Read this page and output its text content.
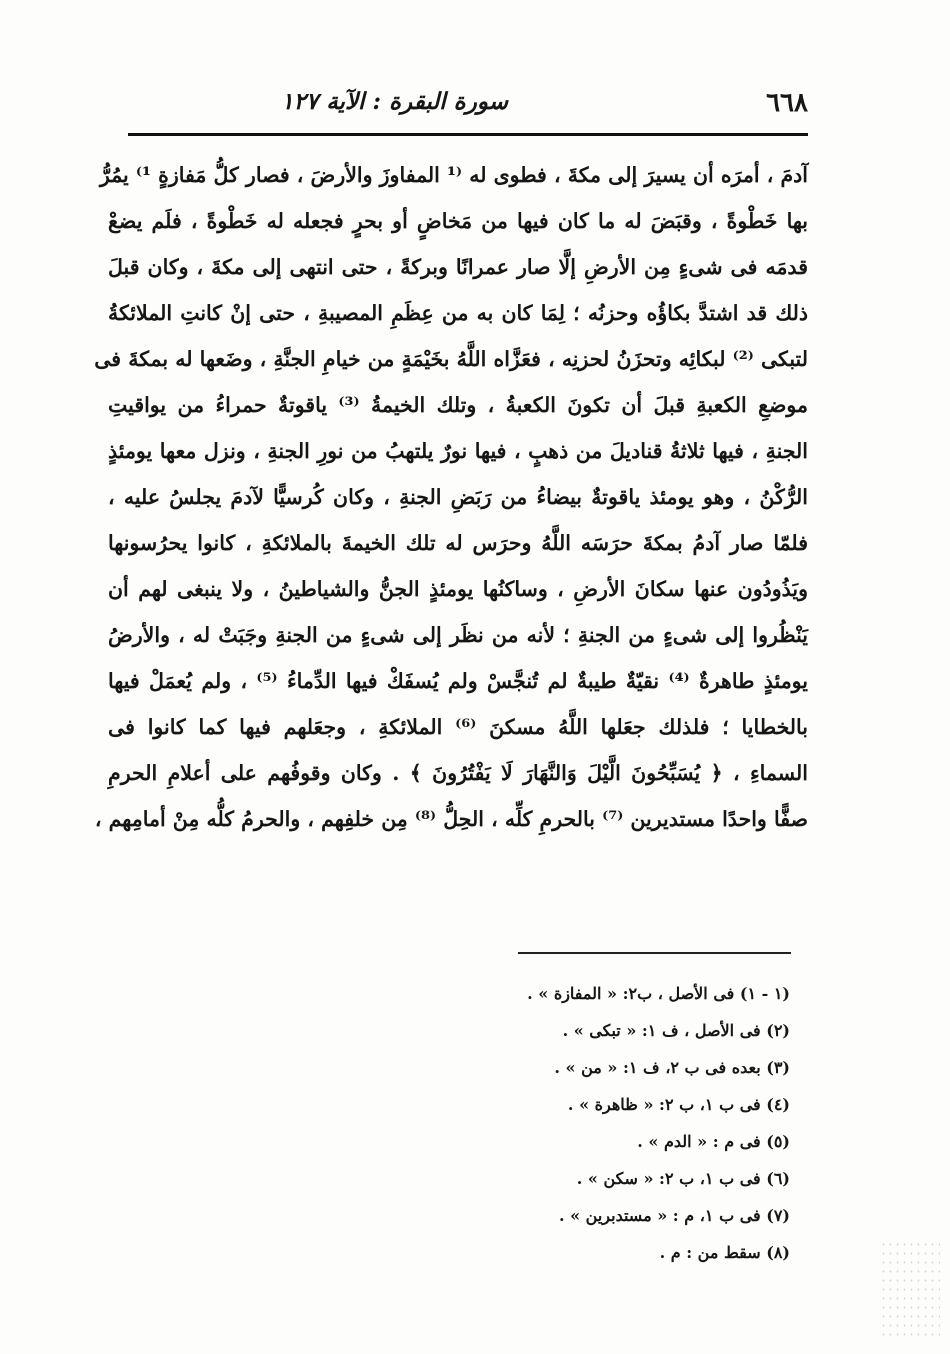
٦٦٨
سورة البقرة : الآية ١٢٧
آدمَ ، أمرَه أن يسيرَ إلى مكةَ ، فطوى له ⁽¹ المفاوزَ والأرضَ ، فصار كلُّ مَفازةٍ ¹⁾ يمُرُّ
بها خَطْوةً ، وقبَضَ له ما كان فيها من مَخاضٍ أو بحرٍ فجعله له خَطْوةً ، فلَم يضعْ
قدمَه فى شىءٍ مِن الأرضِ إلَّا صار عمرانًا وبركةً ، حتى انتهى إلى مكةَ ، وكان قبلَ
ذلك قد اشتدَّ بكاؤُه وحزنُه ؛ لِمَا كان به من عِظَمِ المصيبةِ ، حتى إنْ كانتِ الملائكةُ
لتبكى ⁽²⁾ لبكائِه وتحزَنُ لحزنِه ، فعَزَّاه اللَّهُ بخَيْمَةٍ من خيامِ الجنَّةِ ، وضَعها له بمكةَ فى
موضعِ الكعبةِ قبلَ أن تكونَ الكعبةُ ، وتلك الخيمةُ ⁽³⁾ ياقوتةٌ حمراءُ من يواقيتِ
الجنةِ ، فيها ثلاثةُ قناديلَ من ذهبٍ ، فيها نورٌ يلتهبُ من نورِ الجنةِ ، ونزل معها يومئذٍ
الرُّكْنُ ، وهو يومئذ ياقوتةٌ بيضاءُ من رَبَضِ الجنةِ ، وكان كُرسيًّا لآدمَ يجلسُ عليه ،
فلمّا صار آدمُ بمكةَ حرَسَه اللَّهُ وحرَس له تلك الخيمةَ بالملائكةِ ، كانوا يحرُسونها
ويَذُودُون عنها سكانَ الأرضِ ، وساكنُها يومئذٍ الجنُّ والشياطينُ ، ولا ينبغى لهم أن
يَنْظُروا إلى شىءٍ من الجنةِ ؛ لأنه من نظَر إلى شىءٍ من الجنةِ وجَبَتْ له ، والأرضُ
يومئذٍ طاهرةٌ ⁽⁴⁾ نقيّةٌ طيبةٌ لم تُنجَّسْ ولم يُسفَكْ فيها الدِّماءُ ⁽⁵⁾ ، ولم يُعمَلْ فيها
بالخطايا ؛ فلذلك جعَلها اللَّهُ مسكنَ ⁽⁶⁾ الملائكةِ ، وجعَلهم فيها كما كانوا فى
السماءِ ، ﴿ يُسَبِّحُونَ الَّيْلَ وَالنَّهَارَ لَا يَفْتُرُونَ ﴾ . وكان وقوفُهم على أعلامِ الحرمِ
صفًّا واحدًا مستديرين ⁽⁷⁾ بالحرمِ كلِّه ، الحِلُّ ⁽⁸⁾ مِن خلفِهم ، والحرمُ كلُّه مِنْ أمامِهم ،
(١ - ١) فى الأصل ، ب٢: « المفازة » .
(٢) فى الأصل ، ف ١: « تبكى » .
(٣) بعده فى ب ٢، ف ١: « من » .
(٤) فى ب ١، ب ٢: « ظاهرة » .
(٥) فى م : « الدم » .
(٦) فى ب ١، ب ٢: « سكن » .
(٧) فى ب ١، م : « مستدبرين » .
(٨) سقط من : م .
